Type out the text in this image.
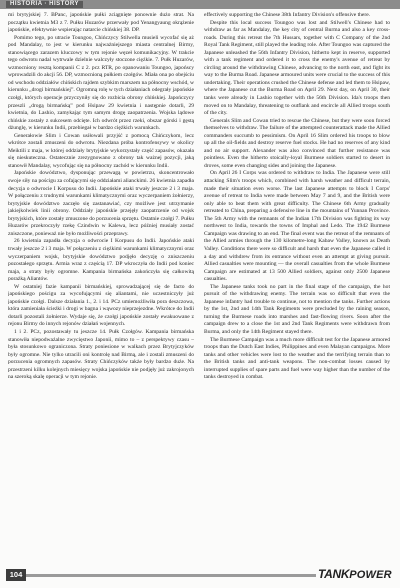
HISTORIA · HISTORY

mi brytyjskiej 7. BPanc, japońskie pułki zciągnięte ponownie dużo strat. Na początku kwietnia M3 z 7. Pułku Huzarów przerwały pod Yenangyaung okrążenie japońskie, efektywnie wspierając natarcie chińskiej 38. DP.

Pomimo tego, po utracie Toungoo, Chińczycy Stilwella musieli wycofać się aż pod Mandalay, to jest w kierunku najważniejszego miasta centralnej Birmy, stanowiącego zarazem kluczowy w tym rejonie węzeł komunikacyjny. W trakcie tego odwrotu nadal wytrwale dzielnie walczyły stoczone ciężkie. 7. Pułk Huzarów, wzmocniony resztą kompanii C z 2. pcz RTR, po opanowaniu Toungoo, japońscy wprowadzili do akcji 56. DP, wzmocnioną pułkiem czołgów. Miała ona po obejściu od wschodu oddziałów chińskich rajdem szybkim marszem na północny wschód, w kierunku „drogi birmańskiej”. Ogromną rolę w tych działaniach odegrały japońskie czołgi, których operacje przyczyniły się do rozbicia obrony chińskiej. Japończycy przeszli „drogą birmańską” pod Hsipaw 29 kwietnia i następnie dotarli, 29 kwietnia, do Lashio, zamykając tym samym drogę zaopatrzenia. Wojska lądowe chińskie zostały z sukcesem odcięte. Ich odwrót przez rzeki, obszar górski i gęstą dżunglę, w kierunku Indii, przebiegał w bardzo ciężkich warunkach.

Generałowie Slim i Cowan usiłowali przyjść z pomocą Chińczykom, lecz wkrótce zostali zmuszeni do odwrotu. Niezdana próba kontrofensywy w okolicy Meiktili z maja, w której oddziały brytyjskie wykorzystały część zapasów, okazała się nieskuteczna. Ostatecznie zrezygnowano z obrony tak ważnej pozycji, jaką stanowił Mandalay, wycofując się na północny zachód w kierunku Indii.

Japońskie dowództwo, dysponując przewagą w powietrzu, skoncentrowało swoje siły na pościgu za cofającymi się oddziałami alianckimi. 26 kwietnia zapadła decyzja o odwrocie I Korpusu do Indii. Japońskie ataki trwały jeszcze 2 i 3 maja. W połączeniu z trudnymi warunkami klimatycznymi oraz wyczerpaniem żołnierzy, brytyjskie dowództwo zaczęło się zastanawiać, czy możliwe jest utrzymanie jakiejkolwiek linii obrony. Oddziały japońskie przejęły zaopatrzenie od wojsk brytyjskich, które zostały zmuszone do porzucenia sprzętu. Ostatnie czołgi 7. Pułku Huzarów przekroczyły rzekę Czindwin w Kalewa, lecz później musiały zostać zniszczone, ponieważ nie było możliwości przeprawy.

26 kwietnia zapadła decyzja o odwrocie I Korpusu do Indii. Japońskie ataki trwały jeszcze 2 i 3 maja. W połączeniu z ciężkimi warunkami klimatycznymi oraz wyczerpaniem wojsk, brytyjskie dowództwo podjęło decyzję o zniszczeniu pozostałego sprzętu. Armia wraz z częścią 17. DP wkroczyła do Indii pod koniec maja, a straty były ogromne. Kampania birmańska zakończyła się całkowitą porażką Aliantów.

W ostatniej fazie kampanii birmańskiej, sprowadzającej się de facto do japońskiego pościgu za wycofującymi się aliantami, nie uczestniczyły już japońskie czołgi. Dalsze działania 1., 2. i 14. PCz umiemożliwiła pora deszczowa, która zamieniała ścieżki i drogi w bagna i wąwozy nieprzejezdne. Wkrótce do Indii dotarli pozostali żołnierze. Wydaje się, że czołgi japońskie zostały ewakuowane z rejonu Birmy do innych rejonów działań wojennych.

1 i 2. PCz, pozostawały tu jeszcze 14. Pułk Czołgów. Kampania birmańska stanowiła niepodważalne zwycięstwo Japonii, mimo to – z perspektywy czasu – była stosunkowo ograniczona. Straty poniesione w walkach przez Brytyjczyków były ogromne. Nie tylko utracili oni kontrolę nad Birmą, ale i zostali zmuszeni do porzucenia ogromnych zapasów. Straty Chińczyków także były bardzo duże. Na przestrzeni kilku kolejnych miesięcy wojska japońskie nie podjęły już zakrojonych na szeroką skalę operacji w tym rejonie.

effectively supporting the Chinese 38th Infantry Division's offensive there.

Despite this local success Toungoo was lost and Stilwell's Chinese had to withdraw as far as Mandalay, the key city of central Burma and also a key cross-roads. During this retreat the 7th Hussars, together with C Company of the 2nd Royal Tank Regiment, still played the leading role. After Toungoo was captured the Japanese unleashed the 56th Infantry Division, hitherto kept in reserve, supported with a tank regiment and ordered it to cross the enemy's avenue of retreat by circling around the withdrawing Chinese, advancing to the north east, and fight its way to the Burma Road. Japanese armoured units were crucial to the success of this undertaking. Their operations crushed the Chinese defense and led them to Hsipaw, where the Japanese cut the Burma Road on April 29. Next day, on April 30, their tanks were already in Lashio together with the 56th Division. Ida's troops then moved on to Mandalay, threatening to outflank and encircle all Allied troops south of the city.

Generals Slim and Cowan tried to rescue the Chinese, but they were soon forced themselves to withdraw. The failure of the attempted counterattack made the Allied commanders succumb to pessimism. On April 16 Slim ordered his troops to blow up all the oil-fields and destroy reserve fuel stocks. He had no reserves of any kind and no air support. Alexander was also convinced that further resistance was pointless. Even the hitherto stoically-loyal Burmese soldiers started to desert in droves, some even changing sides and joining the Japanese.

On April 26 I Corps was ordered to withdraw to India. The Japanese were still attacking Slim's troops which, combined with harsh weather and difficult terrain, made their situation even worse. The last Japanese attempts to block I Corps' avenue of retreat to India were made between May 7 and 9, and the British were only able to beat them with great difficulty. The Chinese 6th Army gradually retreated to China, preparing a defensive line in the mountains of Yunnan Province. The 5th Army with the remnants of the Indian 17th Division was fighting its way northwest to India, towards the towns of Imphal and Ledo. The 1942 Burmese Campaign was drawing to an end. The final event was the retreat of the remnants of the Allied armies through the 130 kilometre-long Kabaw Valley, known as Death Valley. Conditions there were so difficult and harsh that even the Japanese called it a day and withdrew from its entrance without even an attempt at giving pursuit. Allied casualties were mounting — the overall casualties from the whole Burmese Campaign are estimated at 13 500 Allied soldiers, against only 2500 Japanese casualties.

The Japanese tanks took no part in the final stage of the campaign, the hot pursuit of the withdrawing enemy. The terrain was so difficult that even the Japanese infantry had trouble to continue, not to mention the tanks. Further actions by the 1st, 2nd and 14th Tank Regiments were precluded by the raining season, turning the Burmese roads into marshes and fast-flowing rivers. Soon after the campaign drew to a close the 1st and 2nd Tank Regiments were withdrawn from Burma, and only the 14th Regiment stayed there.

The Burmese Campaign was a much more difficult test for the Japanese armored troops than the Dutch East Indies, Philippines and even Malayan campaigns. More tanks and other vehicles were lost to the weather and the terrifying terrain than to the British tanks and anti-tank weapons. The non-combat losses caused by interrupted supplies of spare parts and fuel were way higher than the number of the tanks destroyed in combat.

104	TANKPOWER
